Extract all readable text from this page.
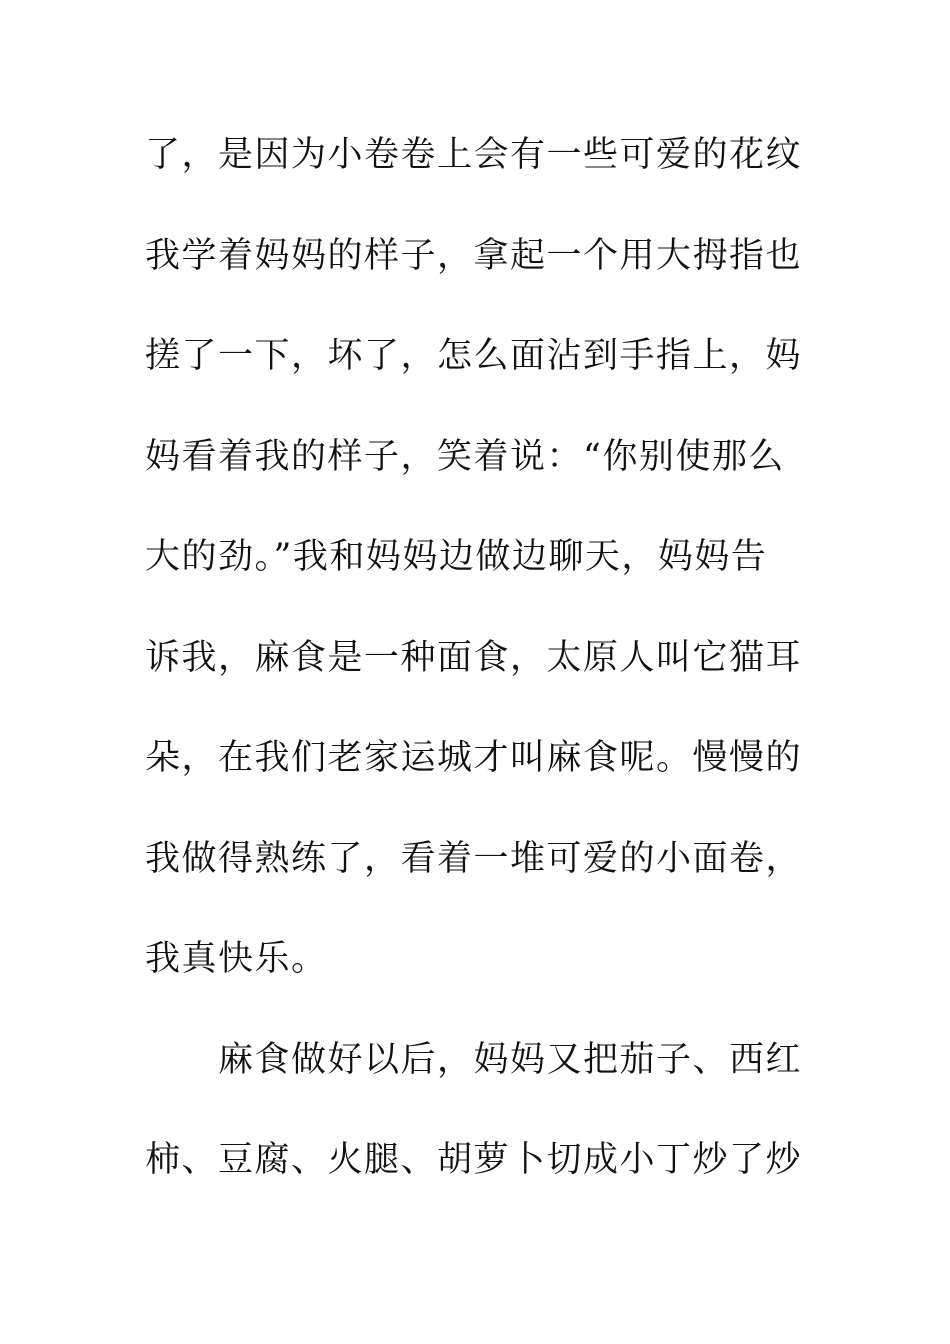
了，是因为小卷卷上会有一些可爱的花纹
我学着妈妈的样子，拿起一个用大拇指也
搓了一下，坏了，怎么面沾到手指上，妈
妈看着我的样子，笑着说：“你别使那么
大的劲。”我和妈妈边做边聊天，妈妈告
诉我，麻食是一种面食，太原人叫它猫耳
朵，在我们老家运城才叫麻食呢。慢慢的
我做得熟练了，看着一堆可爱的小面卷，
我真快乐。
麻食做好以后，妈妈又把茄子、西红
柿、豆腐、火腿、胡萝卜切成小丁炒了炒
